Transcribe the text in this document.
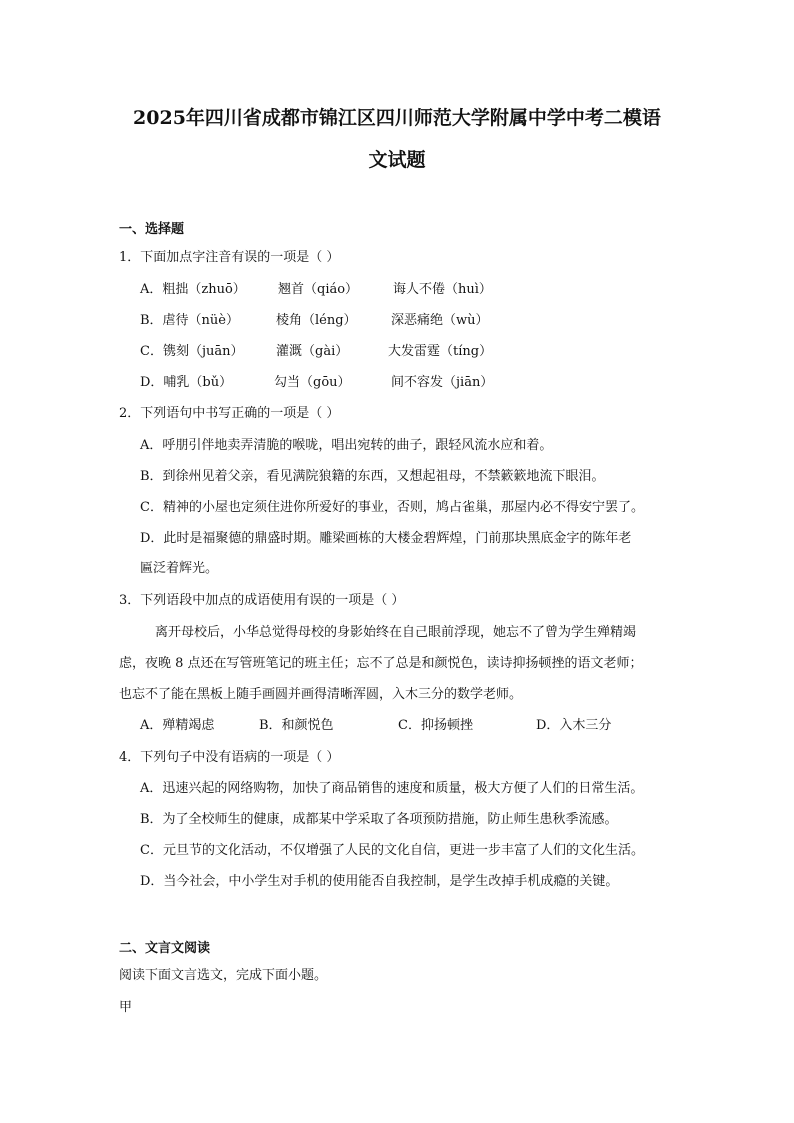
2025年四川省成都市锦江区四川师范大学附属中学中考二模语
文试题
一、选择题
1．下面加点字注音有误的一项是（ ）
A．粗拙（zhuō） 翘首（qiáo）	诲人不倦（huì）
B．虐待（nüè）	棱角（léng）	深恶痛绝（wù）
C．镌刻（juān）	灌溉（gài）	大发雷霆（tíng）
D．哺乳（bǔ）	勾当（gōu）	间不容发（jiān）
2．下列语句中书写正确的一项是（ ）
A．呼朋引伴地卖弄清脆的喉咙，唱出宛转的曲子，跟轻风流水应和着。
B．到徐州见着父亲，看见满院狼籍的东西，又想起祖母，不禁簌簌地流下眼泪。
C．精神的小屋也定须住进你所爱好的事业，否则，鸠占雀巢，那屋内必不得安宁罢了。
D．此时是福聚德的鼎盛时期。雕梁画栋的大楼金碧辉煌，门前那块黑底金字的陈年老
匾泛着辉光。
3．下列语段中加点的成语使用有误的一项是（ ）
离开母校后，小华总觉得母校的身影始终在自己眼前浮现，她忘不了曾为学生殚精竭
虑，夜晚 8 点还在写管班笔记的班主任；忘不了总是和颜悦色，读诗抑扬顿挫的语文老师；
也忘不了能在黑板上随手画圆并画得清晰浑圆，入木三分的数学老师。
A．殚精竭虑	B．和颜悦色	C．抑扬顿挫	D．入木三分
4．下列句子中没有语病的一项是（ ）
A．迅速兴起的网络购物，加快了商品销售的速度和质量，极大方便了人们的日常生活。
B．为了全校师生的健康，成都某中学采取了各项预防措施，防止师生患秋季流感。
C．元旦节的文化活动，不仅增强了人民的文化自信，更进一步丰富了人们的文化生活。
D．当今社会，中小学生对手机的使用能否自我控制，是学生改掉手机成瘾的关键。
二、文言文阅读
阅读下面文言选文，完成下面小题。
甲
